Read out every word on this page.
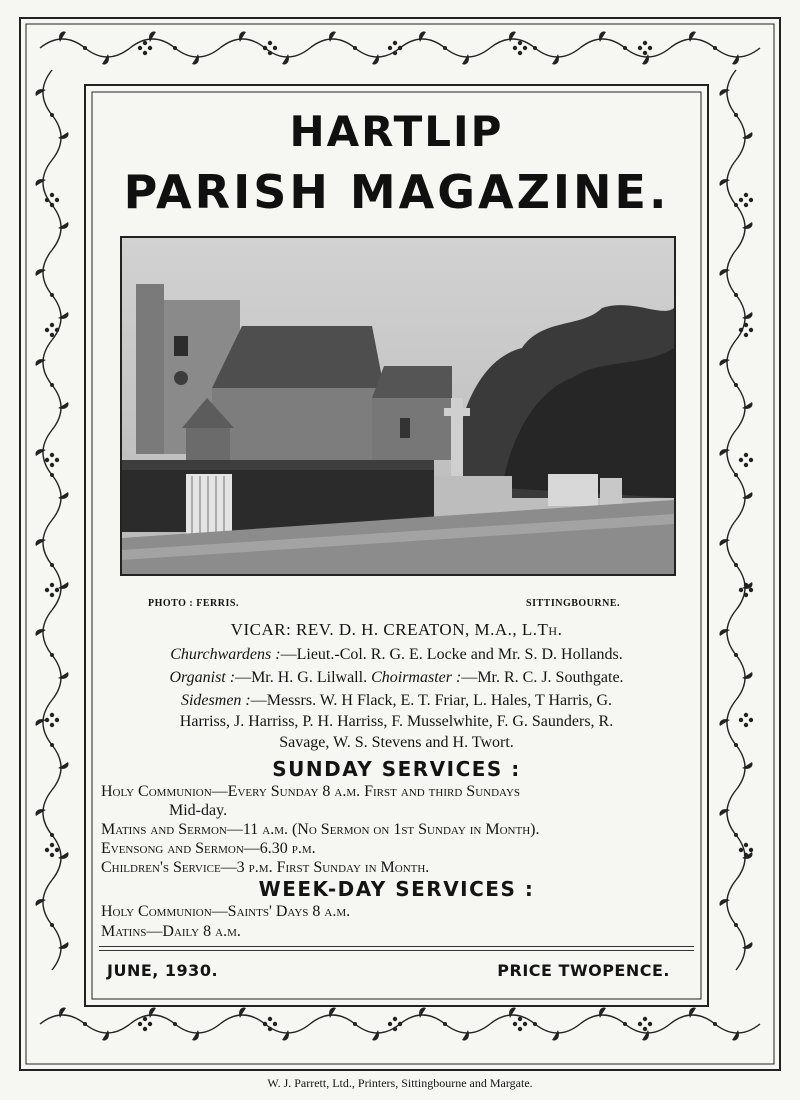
HARTLIP
PARISH MAGAZINE.
PHOTO : FERRIS.	SITTINGBOURNE.
VICAR: REV. D. H. CREATON, M.A., L.Th.
Churchwardens :—Lieut.-Col. R. G. E. Locke and Mr. S. D. Hollands.
Organist :—Mr. H. G. Lilwall. Choirmaster :—Mr. R. C. J. Southgate.
Sidesmen :—Messrs. W. H Flack, E. T. Friar, L. Hales, T Harris, G.
Harriss, J. Harriss, P. H. Harriss, F. Musselwhite, F. G. Saunders, R.
Savage, W. S. Stevens and H. Twort.
SUNDAY SERVICES :
Holy Communion—Every Sunday 8 a.m. First and third Sundays
Mid-day.
Matins and Sermon—11 a.m. (No Sermon on 1st Sunday in Month).
Evensong and Sermon—6.30 p.m.
Children's Service—3 p.m. First Sunday in Month.
WEEK-DAY SERVICES :
Holy Communion—Saints' Days 8 a.m.
Matins—Daily 8 a.m.
JUNE, 1930.	PRICE TWOPENCE.
W. J. Parrett, Ltd., Printers, Sittingbourne and Margate.
